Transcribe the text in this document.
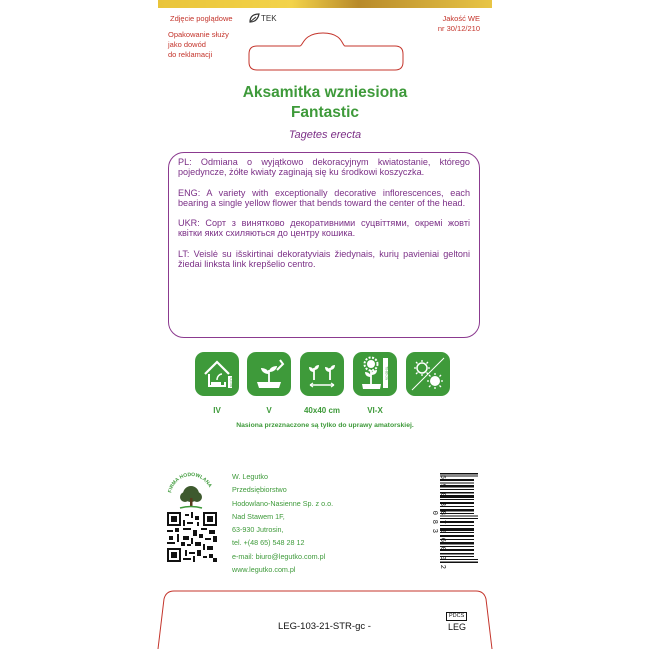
Zdjęcie poglądowe	TEK	Jakość WE
nr 30/12/210
Opakowanie służy
jako dowód
do reklamacji
Aksamitka wzniesiona
Fantastic
Tagetes erecta

PL: Odmiana o wyjątkowo dekoracyjnym kwiatostanie, którego pojedyncze, żółte kwiaty zaginają się ku środkowi koszyczka.

ENG: A variety with exceptionally decorative inflorescences, each bearing a single yellow flower that bends toward the center of the head.

UKR: Сорт з винятково декоративними суцвіттями, окремі жовті квітки яких схиляються до центру кошика.

LT: Veislė su išskirtinai dekoratyviais žiedynais, kurių pavieniai geltoni žiedai linksta link krepšelio centro.

0,5 cm
70-80 cm
IV	V	40x40 cm	VI-X
Nasiona przeznaczone są tylko do uprawy amatorskiej.
FIRMA HODOWLANA
W. Legutko
Przedsiębiorstwo
Hodowlano-Nasienne Sp. z o.o.
Nad Stawem 1F,
63-930 Jutrosin,
tel. +(48 65) 548 28 12
e-mail: biuro@legutko.com.pl
www.legutko.com.pl
5 9 0 3 8 7 5 6 0 0 2 0 8 3
LEG-103-21-STR-gc -
PDCS
LEG
